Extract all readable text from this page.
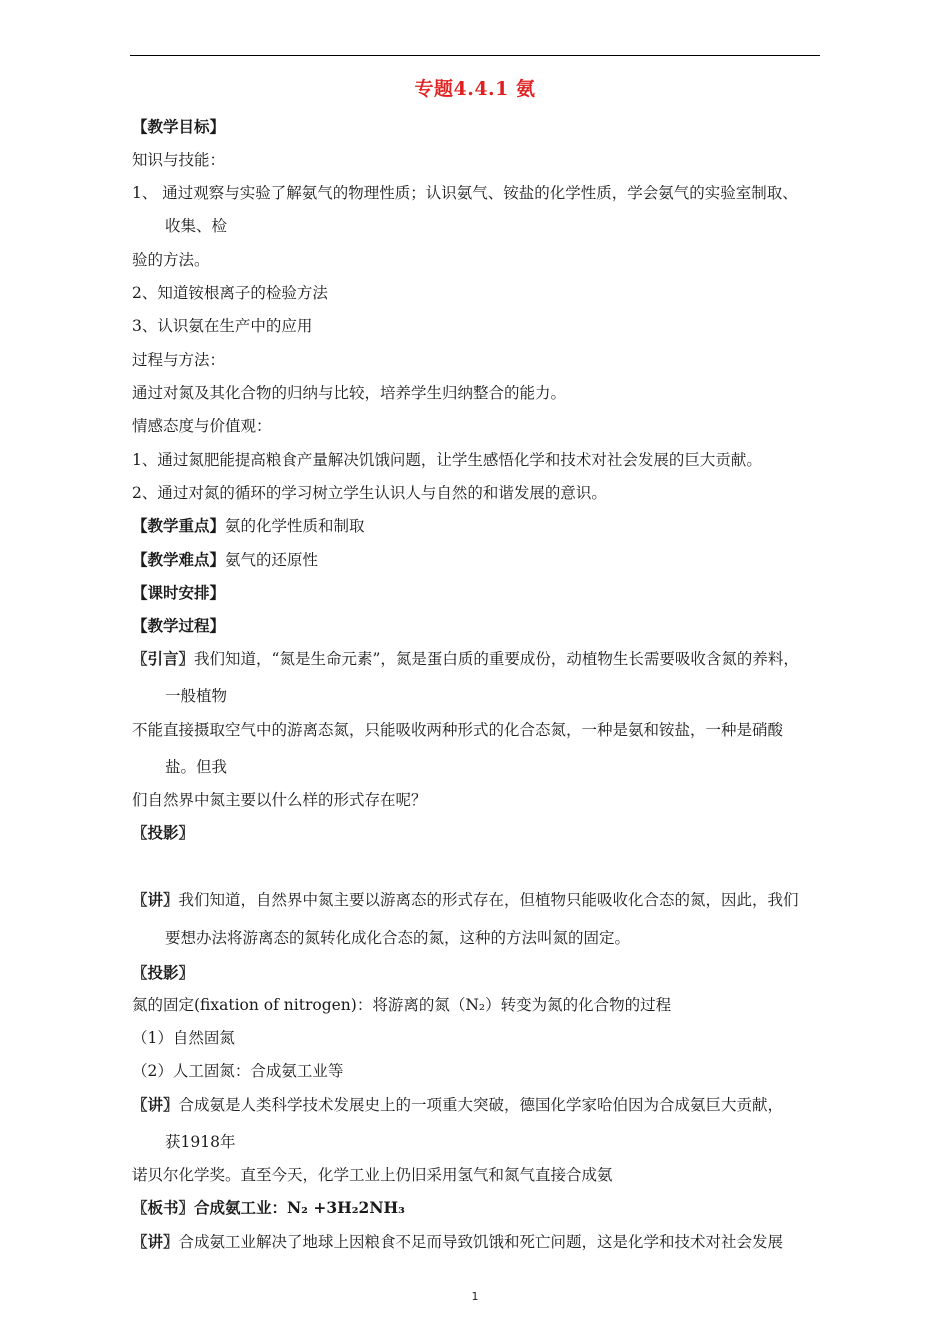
专题4.4.1 氨
【教学目标】
知识与技能：
1、 通过观察与实验了解氨气的物理性质；认识氨气、铵盐的化学性质，学会氨气的实验室制取、
收集、检
验的方法。
2、知道铵根离子的检验方法
3、认识氨在生产中的应用
过程与方法：
通过对氮及其化合物的归纳与比较，培养学生归纳整合的能力。
情感态度与价值观：
1、通过氮肥能提高粮食产量解决饥饿问题，让学生感悟化学和技术对社会发展的巨大贡献。
2、通过对氮的循环的学习树立学生认识人与自然的和谐发展的意识。
【教学重点】氨的化学性质和制取
【教学难点】氨气的还原性
【课时安排】
【教学过程】
〖引言〗我们知道，“氮是生命元素”，氮是蛋白质的重要成份，动植物生长需要吸收含氮的养料，
一般植物
不能直接摄取空气中的游离态氮，只能吸收两种形式的化合态氮，一种是氨和铵盐，一种是硝酸
盐。但我
们自然界中氮主要以什么样的形式存在呢？
〖投影〗
〖讲〗我们知道，自然界中氮主要以游离态的形式存在，但植物只能吸收化合态的氮，因此，我们
要想办法将游离态的氮转化成化合态的氮，这种的方法叫氮的固定。
〖投影〗
氮的固定(fixation of nitrogen)：将游离的氮（N₂）转变为氮的化合物的过程
（1）自然固氮
（2）人工固氮：合成氨工业等
〖讲〗合成氨是人类科学技术发展史上的一项重大突破，德国化学家哈伯因为合成氨巨大贡献，
获1918年
诺贝尔化学奖。直至今天，化学工业上仍旧采用氢气和氮气直接合成氨
〖板书〗合成氨工业：N₂ +3H₂2NH₃
〖讲〗合成氨工业解决了地球上因粮食不足而导致饥饿和死亡问题，这是化学和技术对社会发展
1
